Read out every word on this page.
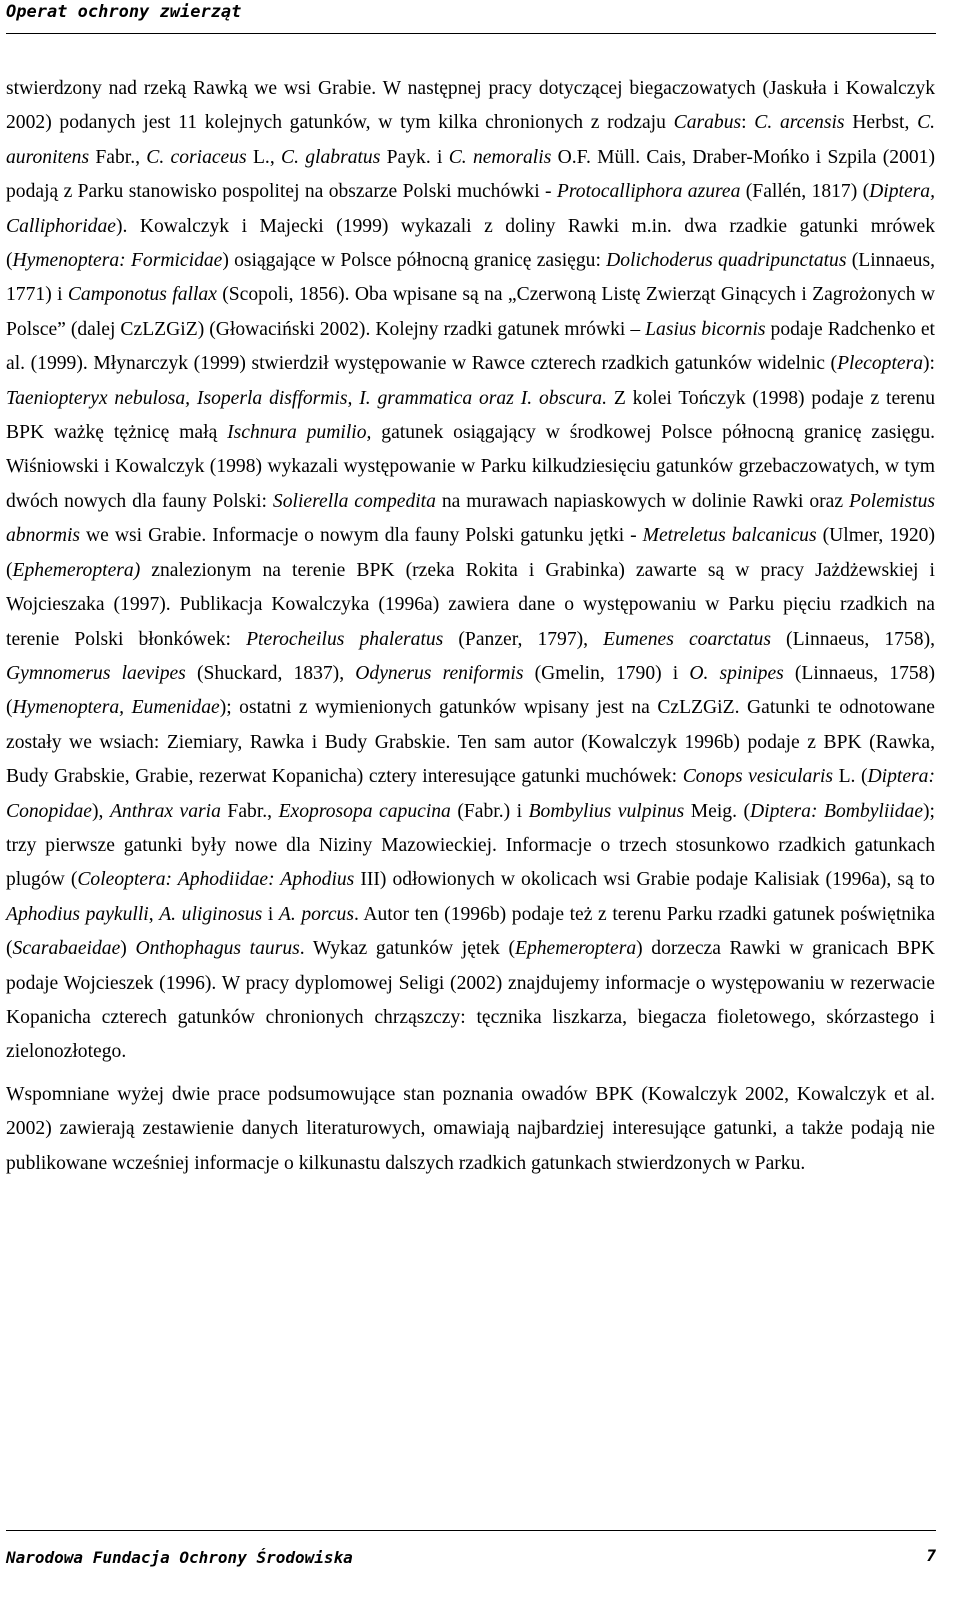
Operat ochrony zwierząt

stwierdzony nad rzeką Rawką we wsi Grabie. W następnej pracy dotyczącej biegaczowatych (Jaskuła i Kowalczyk 2002) podanych jest 11 kolejnych gatunków, w tym kilka chronionych z rodzaju Carabus: C. arcensis Herbst, C. auronitens Fabr., C. coriaceus L., C. glabratus Payk. i C. nemoralis O.F. Müll. Cais, Draber-Mońko i Szpila (2001) podają z Parku stanowisko pospolitej na obszarze Polski muchówki - Protocalliphora azurea (Fallén, 1817) (Diptera, Calliphoridae). Kowalczyk i Majecki (1999) wykazali z doliny Rawki m.in. dwa rzadkie gatunki mrówek (Hymenoptera: Formicidae) osiągające w Polsce północną granicę zasięgu: Dolichoderus quadripunctatus (Linnaeus, 1771) i Camponotus fallax (Scopoli, 1856). Oba wpisane są na „Czerwoną Listę Zwierząt Ginących i Zagrożonych w Polsce” (dalej CzLZGiZ) (Głowaciński 2002). Kolejny rzadki gatunek mrówki – Lasius bicornis podaje Radchenko et al. (1999). Młynarczyk (1999) stwierdził występowanie w Rawce czterech rzadkich gatunków widelnic (Plecoptera): Taeniopteryx nebulosa, Isoperla disfformis, I. grammatica oraz I. obscura. Z kolei Tończyk (1998) podaje z terenu BPK ważkę tężnicę małą Ischnura pumilio, gatunek osiągający w środkowej Polsce północną granicę zasięgu. Wiśniowski i Kowalczyk (1998) wykazali występowanie w Parku kilkudziesięciu gatunków grzebaczowatych, w tym dwóch nowych dla fauny Polski: Solierella compedita na murawach napiaskowych w dolinie Rawki oraz Polemistus abnormis we wsi Grabie. Informacje o nowym dla fauny Polski gatunku jętki - Metreletus balcanicus (Ulmer, 1920) (Ephemeroptera) znalezionym na terenie BPK (rzeka Rokita i Grabinka) zawarte są w pracy Jażdżewskiej i Wojcieszaka (1997). Publikacja Kowalczyka (1996a) zawiera dane o występowaniu w Parku pięciu rzadkich na terenie Polski błonkówek: Pterocheilus phaleratus (Panzer, 1797), Eumenes coarctatus (Linnaeus, 1758), Gymnomerus laevipes (Shuckard, 1837), Odynerus reniformis (Gmelin, 1790) i O. spinipes (Linnaeus, 1758) (Hymenoptera, Eumenidae); ostatni z wymienionych gatunków wpisany jest na CzLZGiZ. Gatunki te odnotowane zostały we wsiach: Ziemiary, Rawka i Budy Grabskie. Ten sam autor (Kowalczyk 1996b) podaje z BPK (Rawka, Budy Grabskie, Grabie, rezerwat Kopanicha) cztery interesujące gatunki muchówek: Conops vesicularis L. (Diptera: Conopidae), Anthrax varia Fabr., Exoprosopa capucina (Fabr.) i Bombylius vulpinus Meig. (Diptera: Bombyliidae); trzy pierwsze gatunki były nowe dla Niziny Mazowieckiej. Informacje o trzech stosunkowo rzadkich gatunkach plugów (Coleoptera: Aphodiidae: Aphodius III) odłowionych w okolicach wsi Grabie podaje Kalisiak (1996a), są to Aphodius paykulli, A. uliginosus i A. porcus. Autor ten (1996b) podaje też z terenu Parku rzadki gatunek poświętnika (Scarabaeidae) Onthophagus taurus. Wykaz gatunków jętek (Ephemeroptera) dorzecza Rawki w granicach BPK podaje Wojcieszek (1996). W pracy dyplomowej Seligi (2002) znajdujemy informacje o występowaniu w rezerwacie Kopanicha czterech gatunków chronionych chrząszczy: tęcznika liszkarza, biegacza fioletowego, skórzastego i zielonozłotego.

Wspomniane wyżej dwie prace podsumowujące stan poznania owadów BPK (Kowalczyk 2002, Kowalczyk et al. 2002) zawierają zestawienie danych literaturowych, omawiają najbardziej interesujące gatunki, a także podają nie publikowane wcześniej informacje o kilkunastu dalszych rzadkich gatunkach stwierdzonych w Parku.

Narodowa Fundacja Ochrony Środowiska	7
